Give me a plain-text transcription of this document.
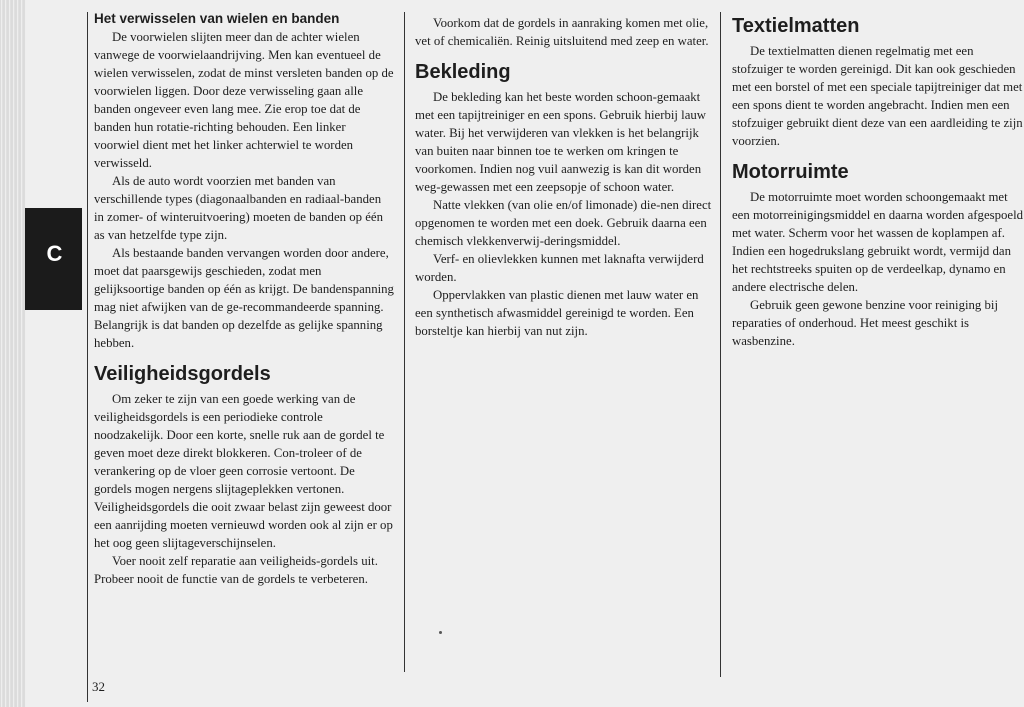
C
Het verwisselen van wielen en banden

De voorwielen slijten meer dan de achter wielen vanwege de voorwielaandrijving. Men kan eventueel de wielen verwisselen, zodat de minst versleten banden op de voorwielen liggen. Door deze verwisseling gaan alle banden ongeveer even lang mee. Zie erop toe dat de banden hun rotatie-richting behouden. Een linker voorwiel dient met het linker achterwiel te worden verwisseld.

Als de auto wordt voorzien met banden van verschillende types (diagonaalbanden en radiaal-banden in zomer- of winteruitvoering) moeten de banden op één as van hetzelfde type zijn.

Als bestaande banden vervangen worden door andere, moet dat paarsgewijs geschieden, zodat men gelijksoortige banden op één as krijgt. De bandenspanning mag niet afwijken van de ge-recommandeerde spanning. Belangrijk is dat banden op dezelfde as gelijke spanning hebben.

Veiligheidsgordels

Om zeker te zijn van een goede werking van de veiligheidsgordels is een periodieke controle noodzakelijk. Door een korte, snelle ruk aan de gordel te geven moet deze direkt blokkeren. Con-troleer of de verankering op de vloer geen corrosie vertoont. De gordels mogen nergens slijtageplekken vertonen. Veiligheidsgordels die ooit zwaar belast zijn geweest door een aanrijding moeten vernieuwd worden ook al zijn er op het oog geen slijtageverschijnselen.

Voer nooit zelf reparatie aan veiligheids-gordels uit. Probeer nooit de functie van de gordels te verbeteren.

Voorkom dat de gordels in aanraking komen met olie, vet of chemicaliën. Reinig uitsluitend med zeep en water.

Bekleding

De bekleding kan het beste worden schoon-gemaakt met een tapijtreiniger en een spons. Gebruik hierbij lauw water. Bij het verwijderen van vlekken is het belangrijk van buiten naar binnen toe te werken om kringen te voorkomen. Indien nog vuil aanwezig is kan dit worden weg-gewassen met een zeepsopje of schoon water.

Natte vlekken (van olie en/of limonade) die-nen direct opgenomen te worden met een doek. Gebruik daarna een chemisch vlekkenverwij-deringsmiddel.

Verf- en olievlekken kunnen met laknafta verwijderd worden.

Oppervlakken van plastic dienen met lauw water en een synthetisch afwasmiddel gereinigd te worden. Een borsteltje kan hierbij van nut zijn.

Textielmatten

De textielmatten dienen regelmatig met een stofzuiger te worden gereinigd. Dit kan ook geschieden met een borstel of met een speciale tapijtreiniger dat met een spons dient te worden angebracht. Indien men een stofzuiger gebruikt dient deze van een aardleiding te zijn voorzien.

Motorruimte

De motorruimte moet worden schoongemaakt met een motorreinigingsmiddel en daarna worden afgespoeld met water. Scherm voor het wassen de koplampen af. Indien een hogedrukslang gebruikt wordt, vermijd dan het rechtstreeks spuiten op de verdeelkap, dynamo en andere electrische delen.

Gebruik geen gewone benzine voor reiniging bij reparaties of onderhoud. Het meest geschikt is wasbenzine.

32
